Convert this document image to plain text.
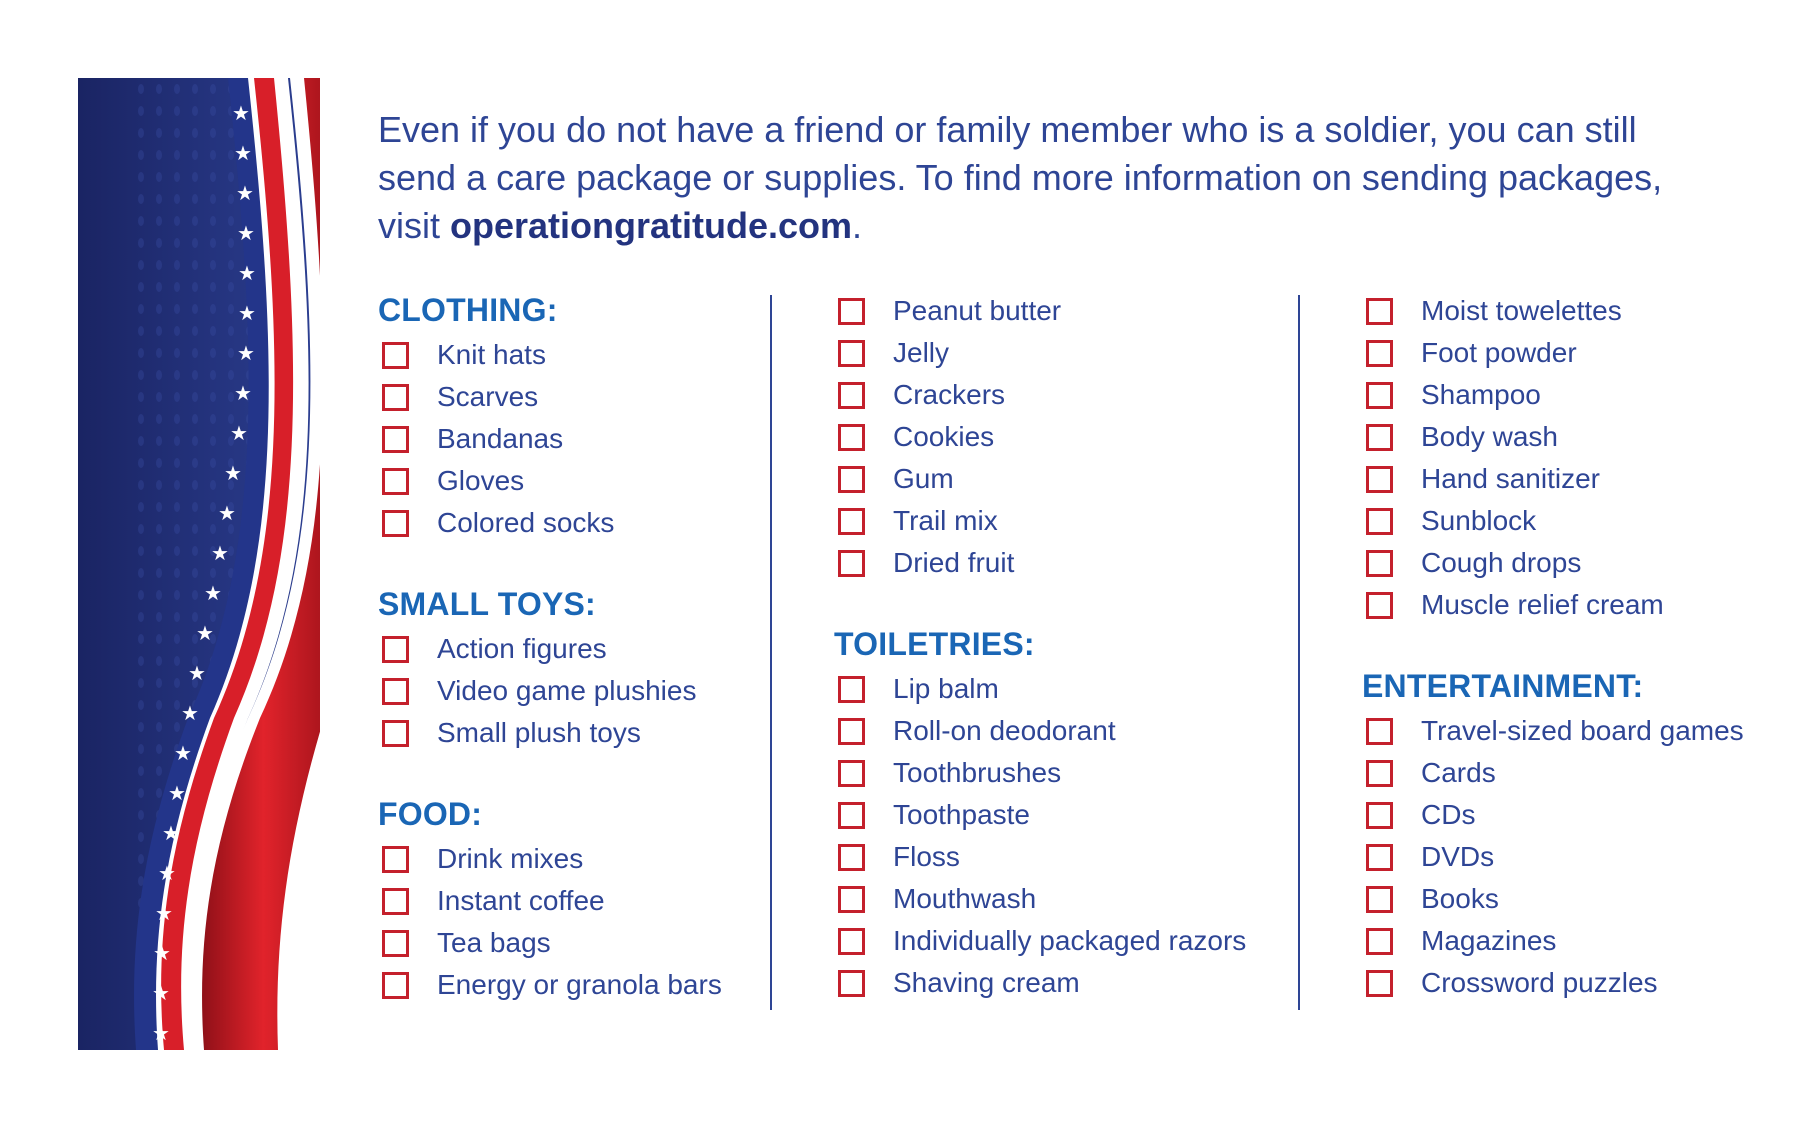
★
★
★
★
★
★
★
★
★
★
★
★
★
★
★
★
★
★
★
★
★
★
★
★

Even if you do not have a friend or family member who is a soldier, you can still send a care package or supplies. To find more information on sending packages, visit operationgratitude.com.

CLOTHING:
Knit hats
Scarves
Bandanas
Gloves
Colored socks
SMALL TOYS:
Action figures
Video game plushies
Small plush toys
FOOD:
Drink mixes
Instant coffee
Tea bags
Energy or granola bars
Peanut butter
Jelly
Crackers
Cookies
Gum
Trail mix
Dried fruit
TOILETRIES:
Lip balm
Roll-on deodorant
Toothbrushes
Toothpaste
Floss
Mouthwash
Individually packaged razors
Shaving cream
Moist towelettes
Foot powder
Shampoo
Body wash
Hand sanitizer
Sunblock
Cough drops
Muscle relief cream
ENTERTAINMENT:
Travel-sized board games
Cards
CDs
DVDs
Books
Magazines
Crossword puzzles
